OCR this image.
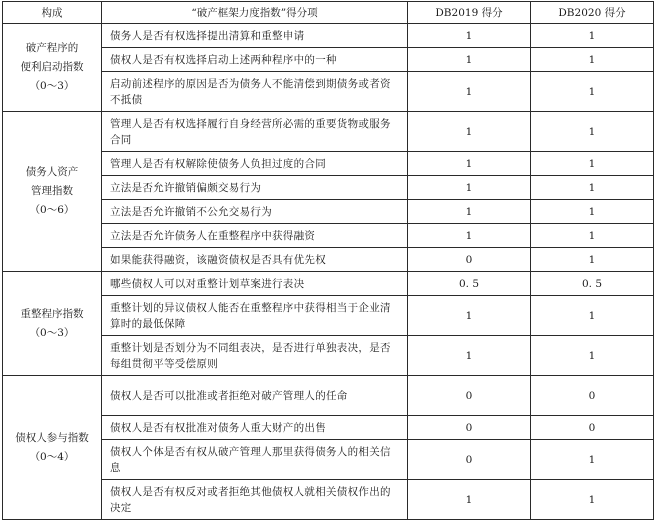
构成	“破产框架力度指数”得分项	DB2019 得分	DB2020 得分

破产程序的
便利启动指数
（0～3）	债务人是否有权选择提出清算和重整申请	1	1
	债权人是否有权选择启动上述两种程序中的一种	1	1
	启动前述程序的原因是否为债务人不能清偿到期债务或者资不抵债	1	1

债务人资产
管理指数
（0～6）	管理人是否有权选择履行自身经营所必需的重要货物或服务合同	1	1
	管理人是否有权解除使债务人负担过度的合同	1	1
	立法是否允许撤销偏颇交易行为	1	1
	立法是否允许撤销不公允交易行为	1	1
	立法是否允许债务人在重整程序中获得融资	1	1
	如果能获得融资，该融资债权是否具有优先权	0	1

重整程序指数
（0～3）	哪些债权人可以对重整计划草案进行表决	0. 5	0. 5
	重整计划的异议债权人能否在重整程序中获得相当于企业清算时的最低保障	1	1
	重整计划是否划分为不同组表决，是否进行单独表决，是否每组贯彻平等受偿原则	1	1

债权人参与指数
（0～4）	债权人是否可以批准或者拒绝对破产管理人的任命	0	0
	债权人是否有权批准对债务人重大财产的出售	0	0
	债权人个体是否有权从破产管理人那里获得债务人的相关信息	0	1
	债权人是否有权反对或者拒绝其他债权人就相关债权作出的决定	1	1
